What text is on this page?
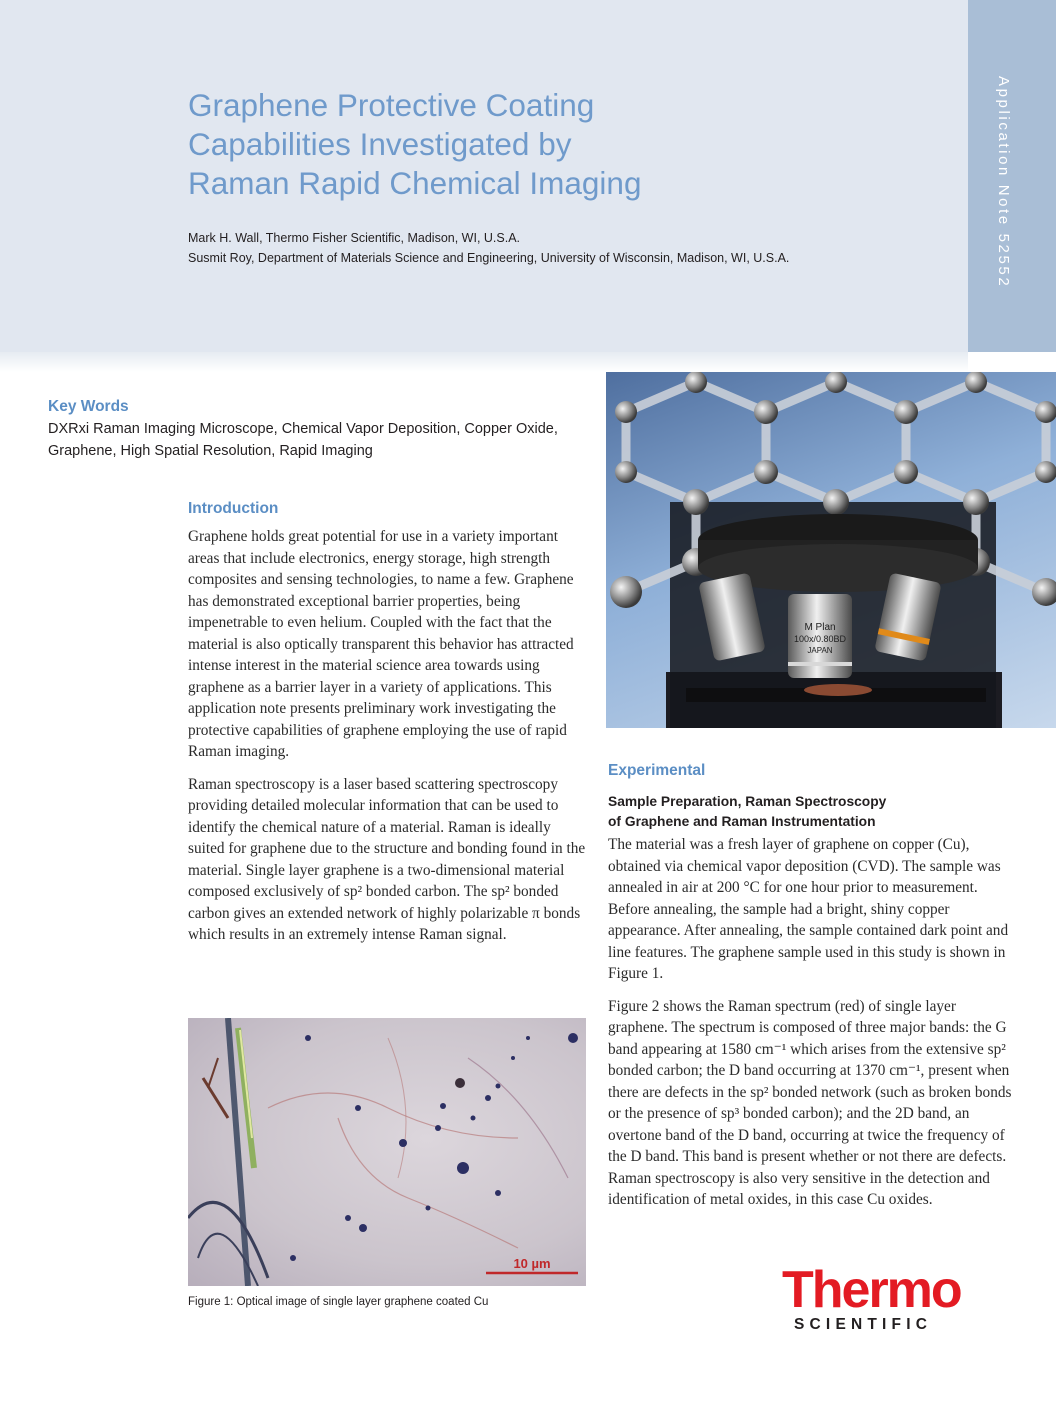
Application Note 52552
Graphene Protective Coating
Capabilities Investigated by
Raman Rapid Chemical Imaging
Mark H. Wall, Thermo Fisher Scientific, Madison, WI, U.S.A.
Susmit Roy, Department of Materials Science and Engineering, University of Wisconsin, Madison, WI, U.S.A.
Key Words
DXRxi Raman Imaging Microscope, Chemical Vapor Deposition, Copper Oxide, Graphene, High Spatial Resolution, Rapid Imaging
Introduction

Graphene holds great potential for use in a variety important areas that include electronics, energy storage, high strength composites and sensing technologies, to name a few. Graphene has demonstrated exceptional barrier properties, being impenetrable to even helium. Coupled with the fact that the material is also optically transparent this behavior has attracted intense interest in the material science area towards using graphene as a barrier layer in a variety of applications. This application note presents preliminary work investigating the protective capabilities of graphene employing the use of rapid Raman imaging.

Raman spectroscopy is a laser based scattering spectroscopy providing detailed molecular information that can be used to identify the chemical nature of a material. Raman is ideally suited for graphene due to the structure and bonding found in the material. Single layer graphene is a two-dimensional material composed exclusively of sp² bonded carbon. The sp² bonded carbon gives an extended network of highly polarizable π bonds which results in an extremely intense Raman signal.

10 µm
Figure 1: Optical image of single layer graphene coated Cu
M Plan
100x/0.80BD
JAPAN
Experimental
Sample Preparation, Raman Spectroscopy
of Graphene and Raman Instrumentation

The material was a fresh layer of graphene on copper (Cu), obtained via chemical vapor deposition (CVD). The sample was annealed in air at 200 °C for one hour prior to measurement. Before annealing, the sample had a bright, shiny copper appearance. After annealing, the sample contained dark point and line features. The graphene sample used in this study is shown in Figure 1.

Figure 2 shows the Raman spectrum (red) of single layer graphene. The spectrum is composed of three major bands: the G band appearing at 1580 cm⁻¹ which arises from the extensive sp² bonded carbon; the D band occurring at 1370 cm⁻¹, present when there are defects in the sp² bonded network (such as broken bonds or the presence of sp³ bonded carbon); and the 2D band, an overtone band of the D band, occurring at twice the frequency of the D band. This band is present whether or not there are defects. Raman spectroscopy is also very sensitive in the detection and identification of metal oxides, in this case Cu oxides.

Thermo
SCIENTIFIC
